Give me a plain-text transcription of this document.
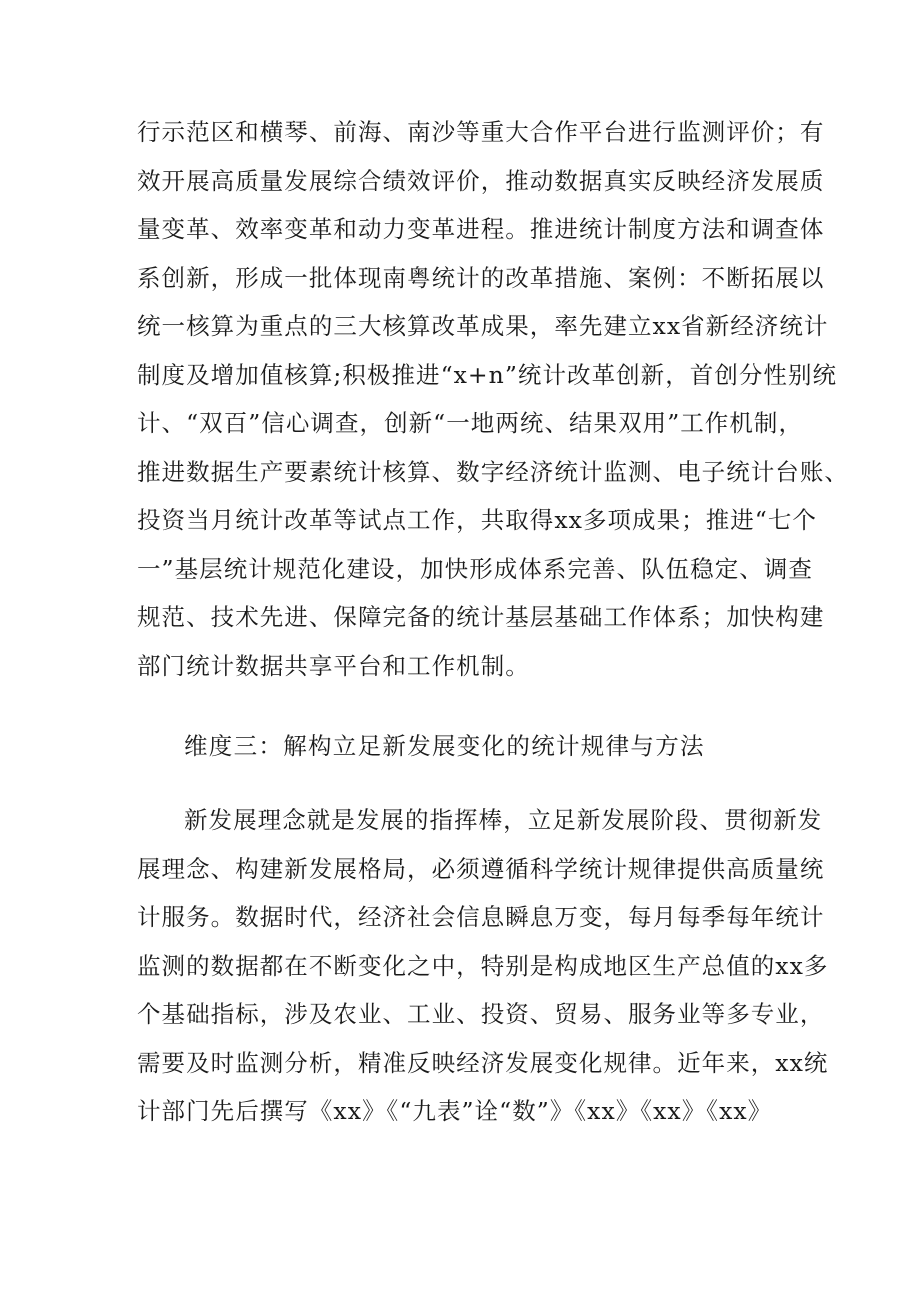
行示范区和横琴、前海、南沙等重大合作平台进行监测评价；有
效开展高质量发展综合绩效评价，推动数据真实反映经济发展质
量变革、效率变革和动力变革进程。推进统计制度方法和调查体
系创新，形成一批体现南粤统计的改革措施、案例：不断拓展以
统一核算为重点的三大核算改革成果，率先建立xx省新经济统计
制度及增加值核算;积极推进“x+n”统计改革创新，首创分性别统
计、“双百”信心调查，创新“一地两统、结果双用”工作机制，
推进数据生产要素统计核算、数字经济统计监测、电子统计台账、
投资当月统计改革等试点工作，共取得xx多项成果；推进“七个
一”基层统计规范化建设，加快形成体系完善、队伍稳定、调查
规范、技术先进、保障完备的统计基层基础工作体系；加快构建
部门统计数据共享平台和工作机制。
维度三：解构立足新发展变化的统计规律与方法
新发展理念就是发展的指挥棒，立足新发展阶段、贯彻新发
展理念、构建新发展格局，必须遵循科学统计规律提供高质量统
计服务。数据时代，经济社会信息瞬息万变，每月每季每年统计
监测的数据都在不断变化之中，特别是构成地区生产总值的xx多
个基础指标，涉及农业、工业、投资、贸易、服务业等多专业，
需要及时监测分析，精准反映经济发展变化规律。近年来，xx统
计部门先后撰写《xx》《“九表”诠“数”》《xx》《xx》《xx》
